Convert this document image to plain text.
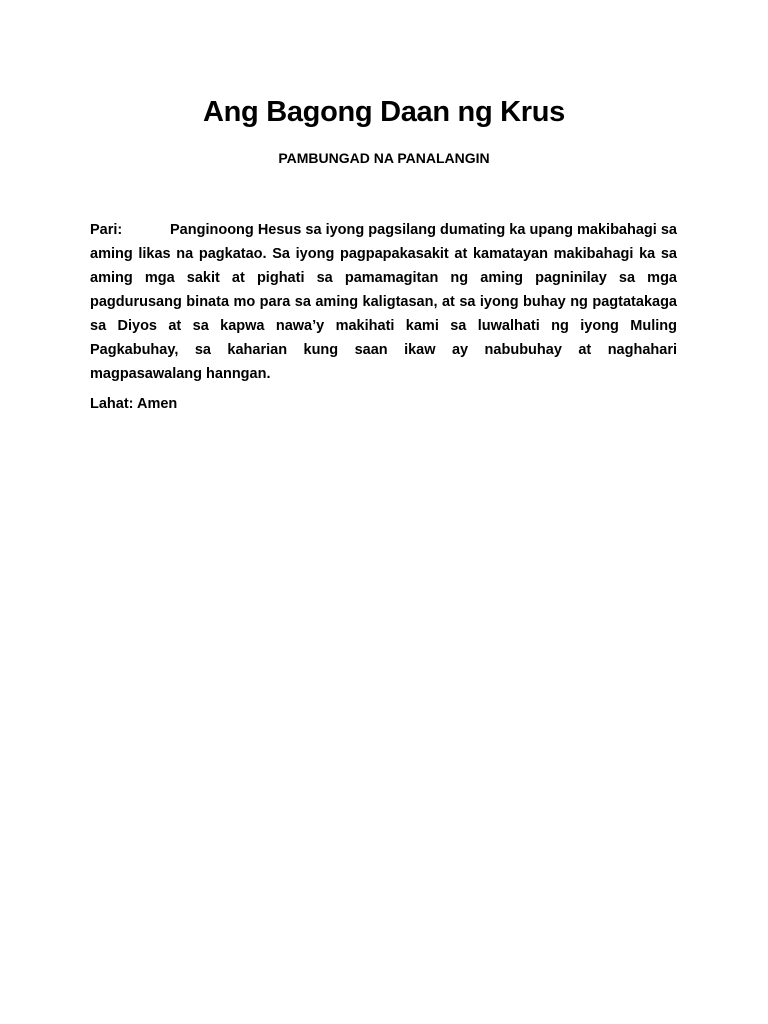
Ang Bagong Daan ng Krus
PAMBUNGAD NA PANALANGIN

Pari:	Panginoong Hesus sa iyong pagsilang dumating ka upang makibahagi sa aming likas na pagkatao. Sa iyong pagpapakasakit at kamatayan makibahagi ka sa aming mga sakit at pighati sa pamamagitan ng aming pagninilay sa mga pagdurusang binata mo para sa aming kaligtasan, at sa iyong buhay ng pagtatakaga sa Diyos at sa kapwa nawa’y makihati kami sa luwalhati ng iyong Muling Pagkabuhay, sa kaharian kung saan ikaw ay nabubuhay at naghahari magpasawalang hanngan.

Lahat: Amen
